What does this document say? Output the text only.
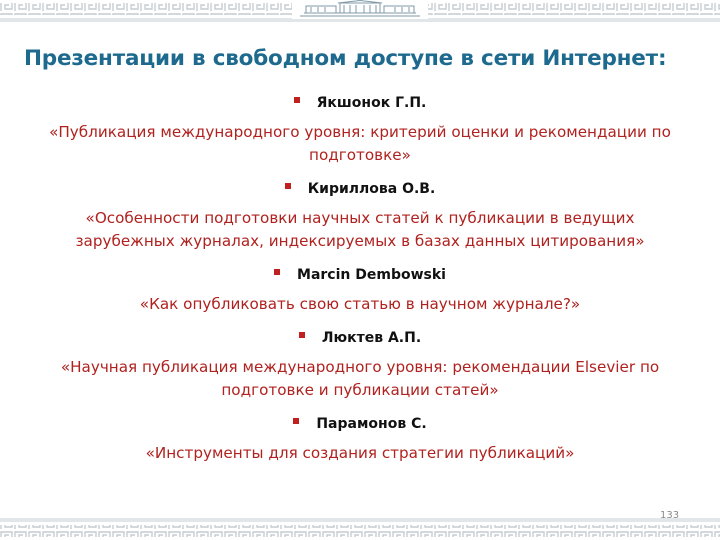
Презентации в свободном доступе в сети Интернет:
Якшонок Г.П.
«Публикация международного уровня: критерий оценки и рекомендации по подготовке»
Кириллова О.В.
«Особенности подготовки научных статей к публикации в ведущих зарубежных журналах, индексируемых в базах данных цитирования»
Marcin Dembowski
«Как опубликовать свою статью в научном журнале?»
Люктев А.П.
«Научная публикация международного уровня: рекомендации Elsevier по подготовке и публикации статей»
Парамонов С.
«Инструменты для создания стратегии публикаций»
133
